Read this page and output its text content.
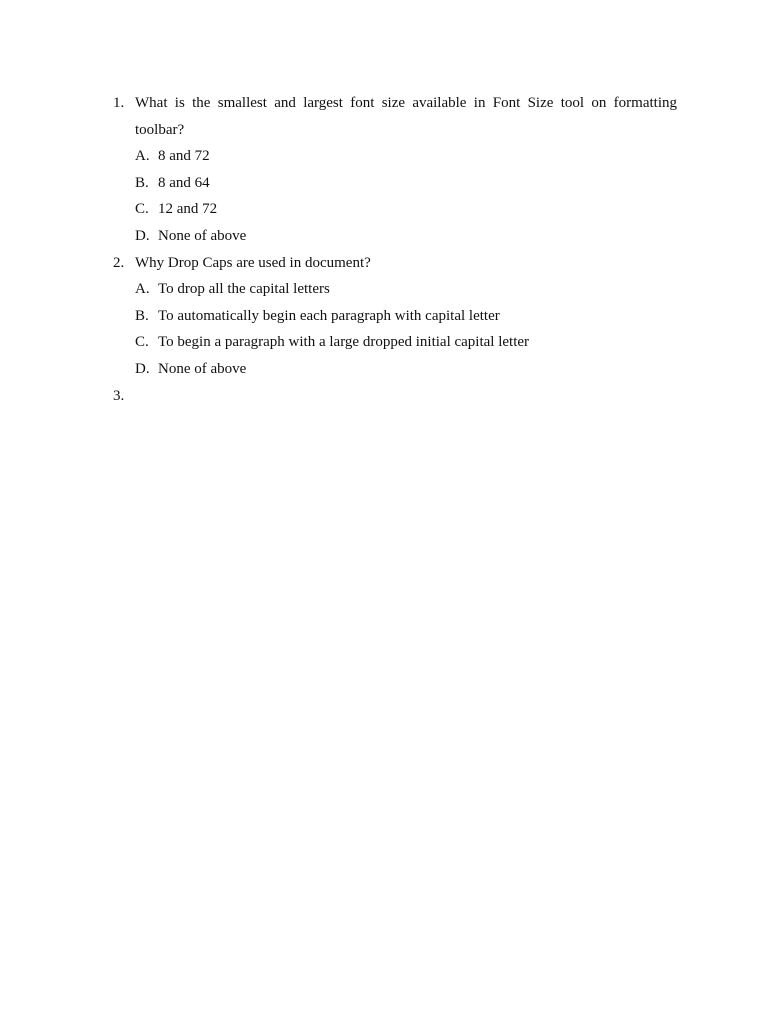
1. What is the smallest and largest font size available in Font Size tool on formatting toolbar?
A. 8 and 72
B. 8 and 64
C. 12 and 72
D. None of above
2. Why Drop Caps are used in document?
A. To drop all the capital letters
B. To automatically begin each paragraph with capital letter
C. To begin a paragraph with a large dropped initial capital letter
D. None of above
3.
